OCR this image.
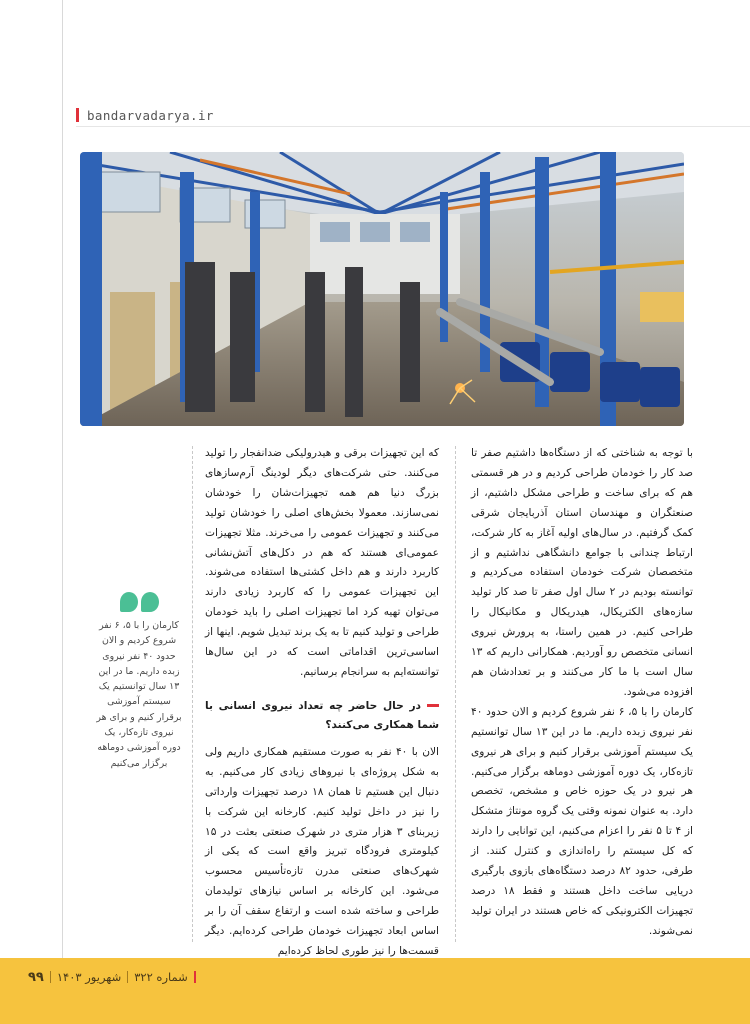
bandarvadarya.ir

با توجه به شناختی که از دستگاه‌ها داشتیم صفر تا صد کار را خودمان طراحی کردیم و در هر قسمتی هم که برای ساخت و طراحی مشکل داشتیم، از صنعتگران و مهندسان استان آذربایجان شرقی کمک گرفتیم. در سال‌های اولیه آغاز به کار شرکت، ارتباط چندانی با جوامع دانشگاهی نداشتیم و از متخصصان شرکت خودمان استفاده می‌کردیم و توانسته بودیم در ۲ سال اول صفر تا صد کار تولید سازه‌های الکتریکال، هیدریکال و مکانیکال را طراحی کنیم. در همین راستا، به پرورش نیروی انسانی متخصص رو آوردیم. همکارانی داریم که ۱۳ سال است با ما کار می‌کنند و بر تعدادشان هم افزوده می‌شود.

کارمان را با ۵، ۶ نفر شروع کردیم و الان حدود ۴۰ نفر نیروی زبده داریم. ما در این ۱۳ سال توانستیم یک سیستم آموزشی برقرار کنیم و برای هر نیروی تازه‌کار، یک دوره آموزشی دوماهه برگزار می‌کنیم. هر نیرو در یک حوزه خاص و مشخص، تخصص دارد. به عنوان نمونه وقتی یک گروه مونتاژ متشکل از ۴ تا ۵ نفر را اعزام می‌کنیم، این توانایی را دارند که کل سیستم را راه‌اندازی و کنترل کنند. از طرفی، حدود ۸۲ درصد دستگاه‌های بازوی بارگیری دریایی ساخت داخل هستند و فقط ۱۸ درصد تجهیزات الکترونیکی که خاص هستند در ایران تولید نمی‌شوند.

که این تجهیزات برقی و هیدرولیکی ضدانفجار را تولید می‌کنند. حتی شرکت‌های دیگر لودینگ آرم‌سازهای بزرگ دنیا هم همه تجهیزات‌شان را خودشان نمی‌سازند. معمولا بخش‌های اصلی را خودشان تولید می‌کنند و تجهیزات عمومی را می‌خرند. مثلا تجهیزات عمومی‌ای هستند که هم در دکل‌های آتش‌نشانی کاربرد دارند و هم داخل کشتی‌ها استفاده می‌شوند. این تجهیزات عمومی را که کاربرد زیادی دارند می‌توان تهیه کرد اما تجهیزات اصلی را باید خودمان طراحی و تولید کنیم تا به یک برند تبدیل شویم. اینها از اساسی‌ترین اقداماتی است که در این سال‌ها توانسته‌ایم به سرانجام برسانیم.

در حال حاضر چه تعداد نیروی انسانی با شما همکاری می‌کنند؟

الان با ۴۰ نفر به صورت مستقیم همکاری داریم ولی به شکل پروژه‌ای با نیروهای زیادی کار می‌کنیم. به دنبال این هستیم تا همان ۱۸ درصد تجهیزات وارداتی را نیز در داخل تولید کنیم. کارخانه این شرکت با زیربنای ۳ هزار متری در شهرک صنعتی بعثت در ۱۵ کیلومتری فرودگاه تبریز واقع است که یکی از شهرک‌های صنعتی مدرن تازه‌تأسیس محسوب می‌شود. این کارخانه بر اساس نیازهای تولیدمان طراحی و ساخته شده است و ارتفاع سقف آن را بر اساس ابعاد تجهیزات خودمان طراحی کرده‌ایم. دیگر قسمت‌ها را نیز طوری لحاظ کرده‌ایم

کارمان را با ۵، ۶ نفر شروع کردیم و الان حدود ۴۰ نفر نیروی زبده داریم. ما در این ۱۳ سال توانستیم یک سیستم آموزشی برقرار کنیم و برای هر نیروی تازه‌کار، یک دوره آموزشی دوماهه برگزار می‌کنیم
۹۹ شهریور ۱۴۰۳ شماره ۳۲۲
